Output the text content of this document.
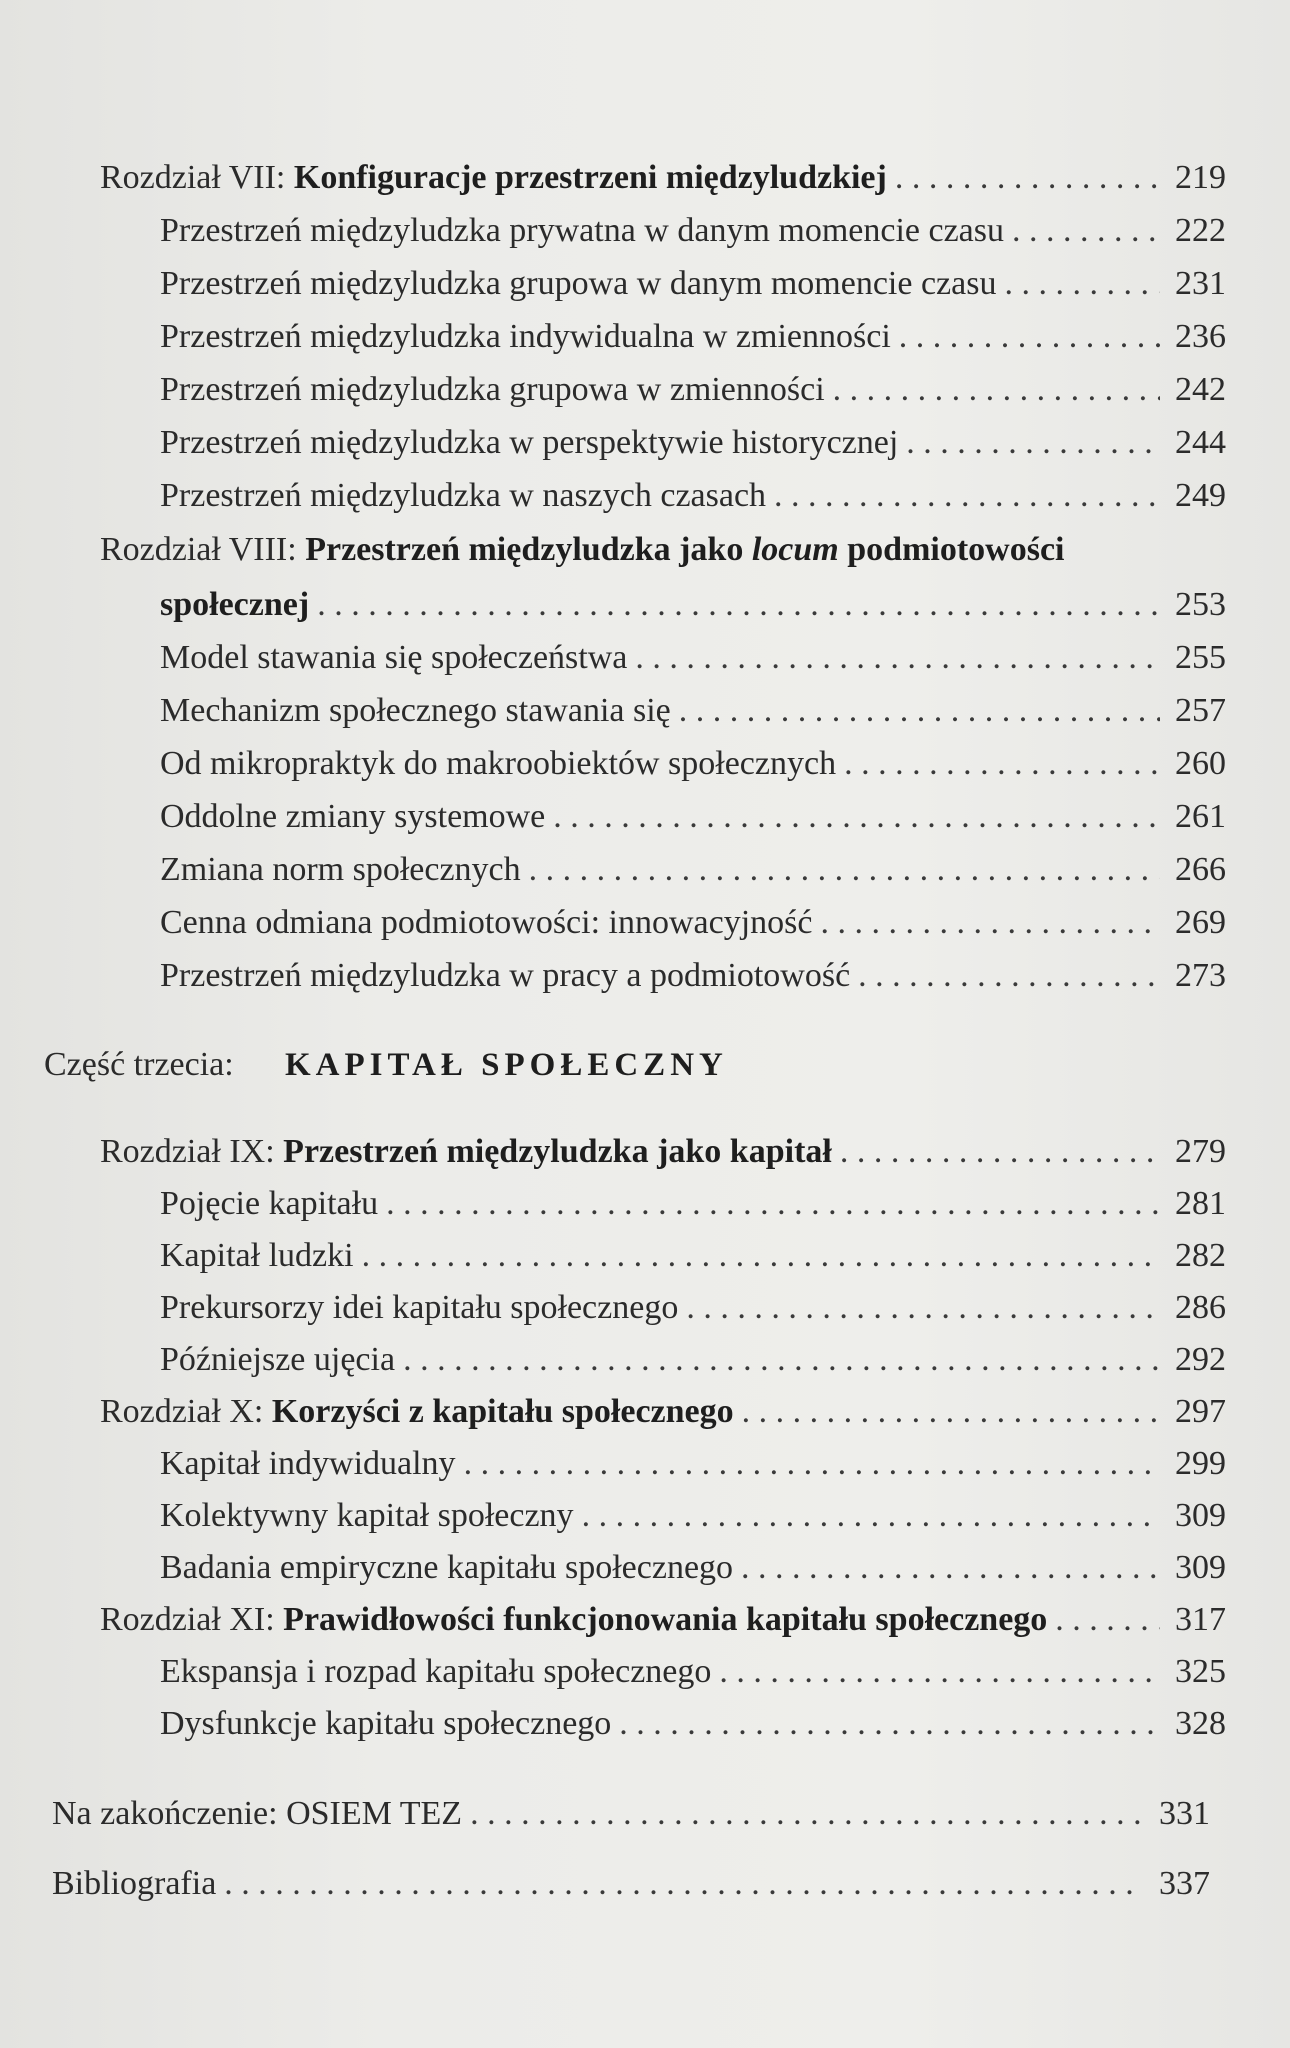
Rozdział VII: Konfiguracje przestrzeni międzyludzkiej . . .	219
Przestrzeń międzyludzka prywatna w danym momencie czasu . . .	222
Przestrzeń międzyludzka grupowa w danym momencie czasu . . .	231
Przestrzeń międzyludzka indywidualna w zmienności . . .	236
Przestrzeń międzyludzka grupowa w zmienności . . .	242
Przestrzeń międzyludzka w perspektywie historycznej . . .	244
Przestrzeń międzyludzka w naszych czasach . . .	249
Rozdział VIII: Przestrzeń międzyludzka jako locum podmiotowości
społecznej . . .	253
Model stawania się społeczeństwa . . .	255
Mechanizm społecznego stawania się . . .	257
Od mikropraktyk do makroobiektów społecznych . . .	260
Oddolne zmiany systemowe . . .	261
Zmiana norm społecznych . . .	266
Cenna odmiana podmiotowości: innowacyjność . . .	269
Przestrzeń międzyludzka w pracy a podmiotowość . . .	273
Część trzecia: KAPITAŁ SPOŁECZNY
Rozdział IX: Przestrzeń międzyludzka jako kapitał . . .	279
Pojęcie kapitału . . .	281
Kapitał ludzki . . .	282
Prekursorzy idei kapitału społecznego . . .	286
Późniejsze ujęcia . . .	292
Rozdział X: Korzyści z kapitału społecznego . . .	297
Kapitał indywidualny . . .	299
Kolektywny kapitał społeczny . . .	309
Badania empiryczne kapitału społecznego . . .	309
Rozdział XI: Prawidłowości funkcjonowania kapitału społecznego . . .	317
Ekspansja i rozpad kapitału społecznego . . .	325
Dysfunkcje kapitału społecznego . . .	328
Na zakończenie: OSIEM TEZ . . .	331
Bibliografia . . .	337
